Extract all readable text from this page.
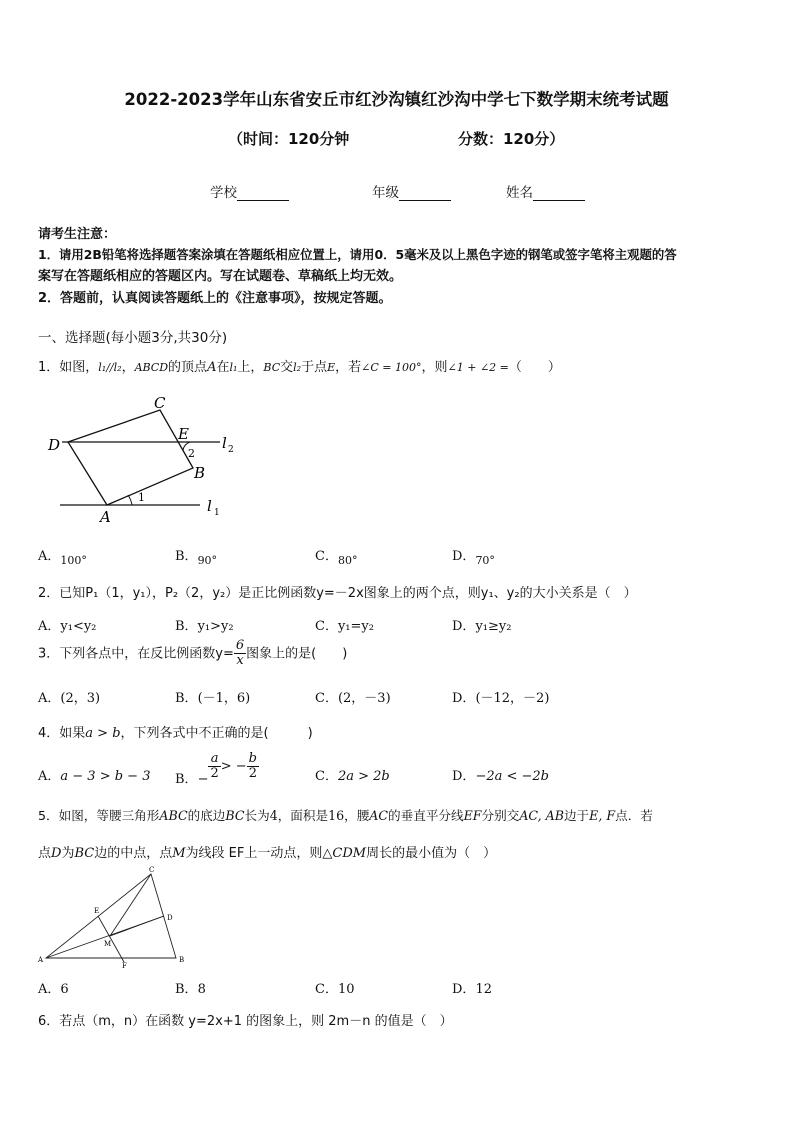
2022-2023学年山东省安丘市红沙沟镇红沙沟中学七下数学期末统考试题
（时间：120分钟	分数：120分）
学校	年级	姓名
请考生注意：
1．请用2B铅笔将选择题答案涂填在答题纸相应位置上，请用0．5毫米及以上黑色字迹的钢笔或签字笔将主观题的答
案写在答题纸相应的答题区内。写在试题卷、草稿纸上均无效。
2．答题前，认真阅读答题纸上的《注意事项》，按规定答题。
一、选择题(每小题3分,共30分)
1．如图，l₁//l₂，ABCD的顶点A在l₁上，BC交l₂于点E，若∠C = 100°，则∠1 + ∠2 =（　　）
C
D
E
B
A
l 2
l 1
1
2
A．$_{100^\circ}$	B．$_{90^\circ}$	C．$_{80^\circ}$	D．$_{70^\circ}$
2．已知P₁（1，y₁），P₂（2，y₂）是正比例函数y=－2x图象上的两个点，则y₁、y₂的大小关系是（　）
A．y₁<y₂	B．y₁>y₂	C．y₁=y₂	D．y₁≥y₂
3．下列各点中，在反比例函数$y= \frac{6}{x}$ 图象上的是(　　)
A．(2，3)	B．(－1，6)	C．(2，－3)	D．(－12，－2)
4．如果a > b，下列各式中不正确的是(　　　)
A．a − 3 > b − 3 B．− $\frac{a}{2}$ > − $\frac{b}{2}$	C．2a > 2b	D．−2a < −2b
5．如图，等腰三角形ABC的底边BC长为4，面积是16，腰AC的垂直平分线EF分别交AC, AB边于E, F点．若
点D为BC边的中点，点M为线段 EF上一动点，则△CDM周长的最小值为（　）
A	B
C
D
E
F
M
A．6	B．8	C．10	D．12
6．若点（m，n）在函数 y=2x+1 的图象上，则 2m－n 的值是（　）
